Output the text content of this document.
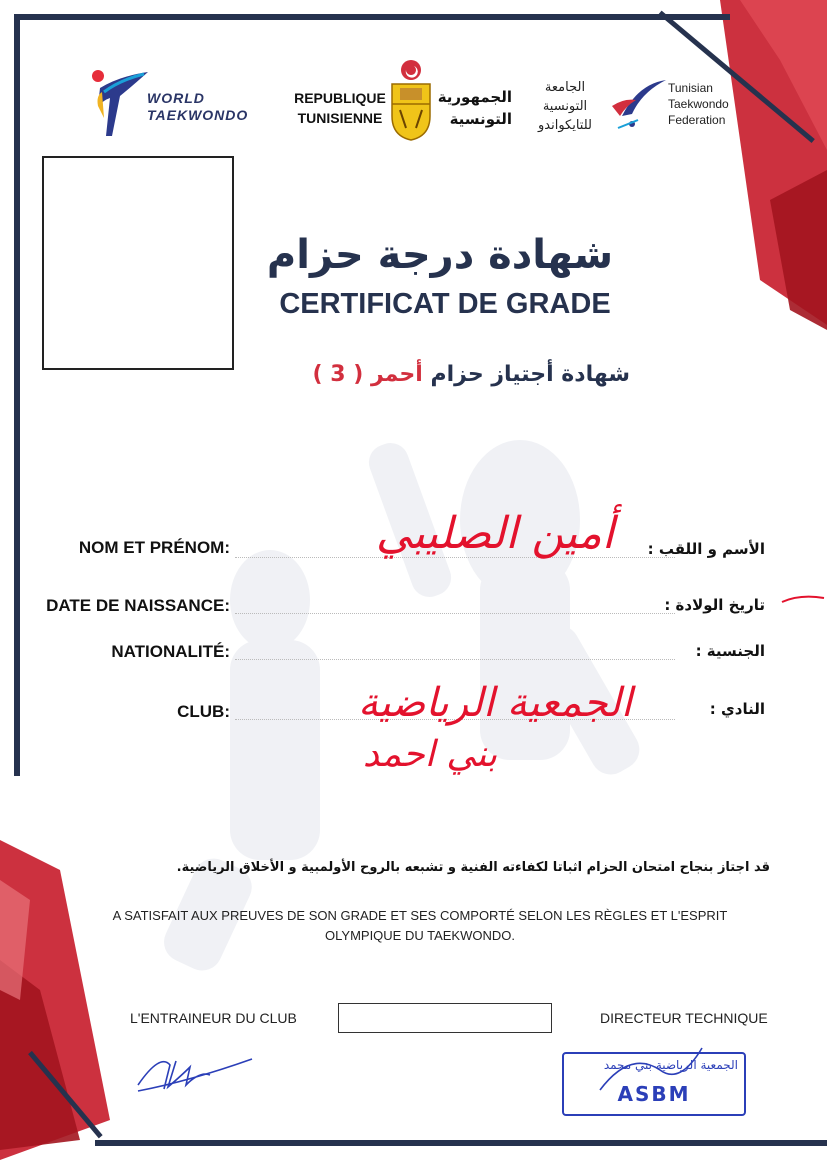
WORLD
TAEKWONDO
REPUBLIQUE
TUNISIENNE
الجمهورية
التونسية
الجامعة
التونسية
للتايكواندو
Tunisian
Taekwondo
Federation
شهادة درجة حزام
CERTIFICAT DE GRADE
شهادة أجتياز حزام أحمر ( 3 )
NOM ET PRÉNOM:	الأسم و اللقب :
أمين الصليبي
DATE DE NAISSANCE:	تاريخ الولادة :
NATIONALITÉ:	الجنسية :
CLUB:	النادي :
الجمعية الرياضية
بني احمد
قد اجتاز بنجاح امتحان الحزام اثباتا لكفاءته الفنية و تشبعه بالروح الأولمبية و الأخلاق الرياضية.
A SATISFAIT AUX PREUVES DE SON GRADE ET SES COMPORTÉ SELON LES RÈGLES ET L'ESPRIT
OLYMPIQUE DU TAEKWONDO.
L'ENTRAINEUR DU CLUB	DIRECTEUR TECHNIQUE
الجمعية الرياضية بني محمد
ASBM
